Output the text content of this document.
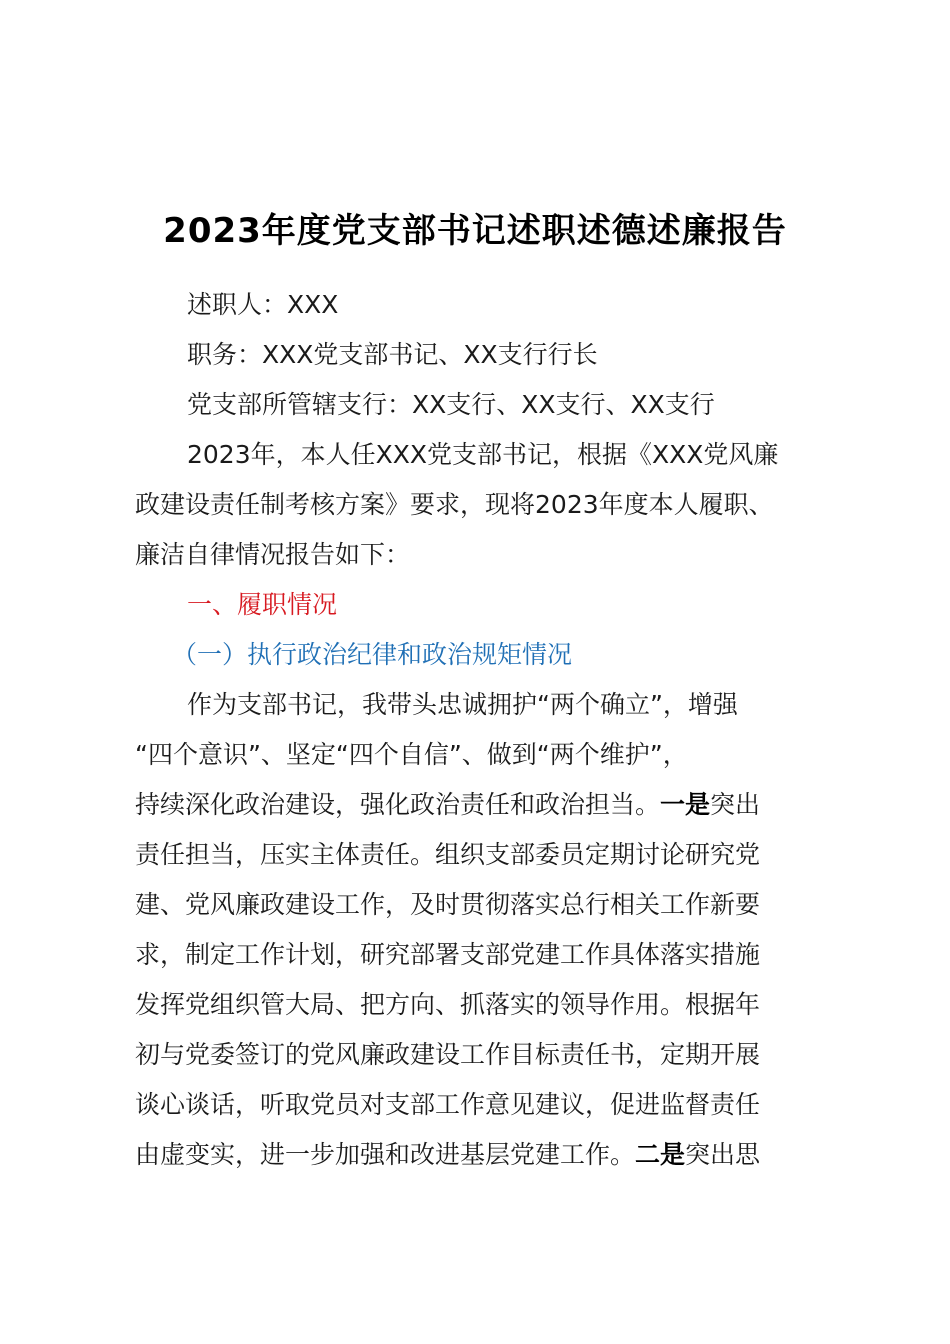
2023年度党支部书记述职述德述廉报告
述职人：XXX
职务：XXX党支部书记、XX支行行长
党支部所管辖支行：XX支行、XX支行、XX支行
2023年，本人任XXX党支部书记，根据《XXX党风廉
政建设责任制考核方案》要求，现将2023年度本人履职、
廉洁自律情况报告如下：
一、履职情况
（一）执行政治纪律和政治规矩情况
作为支部书记，我带头忠诚拥护“两个确立”，增强
“四个意识”、坚定“四个自信”、做到“两个维护”，
持续深化政治建设，强化政治责任和政治担当。一是突出
责任担当，压实主体责任。组织支部委员定期讨论研究党
建、党风廉政建设工作，及时贯彻落实总行相关工作新要
求，制定工作计划，研究部署支部党建工作具体落实措施
发挥党组织管大局、把方向、抓落实的领导作用。根据年
初与党委签订的党风廉政建设工作目标责任书，定期开展
谈心谈话，听取党员对支部工作意见建议，促进监督责任
由虚变实，进一步加强和改进基层党建工作。二是突出思
